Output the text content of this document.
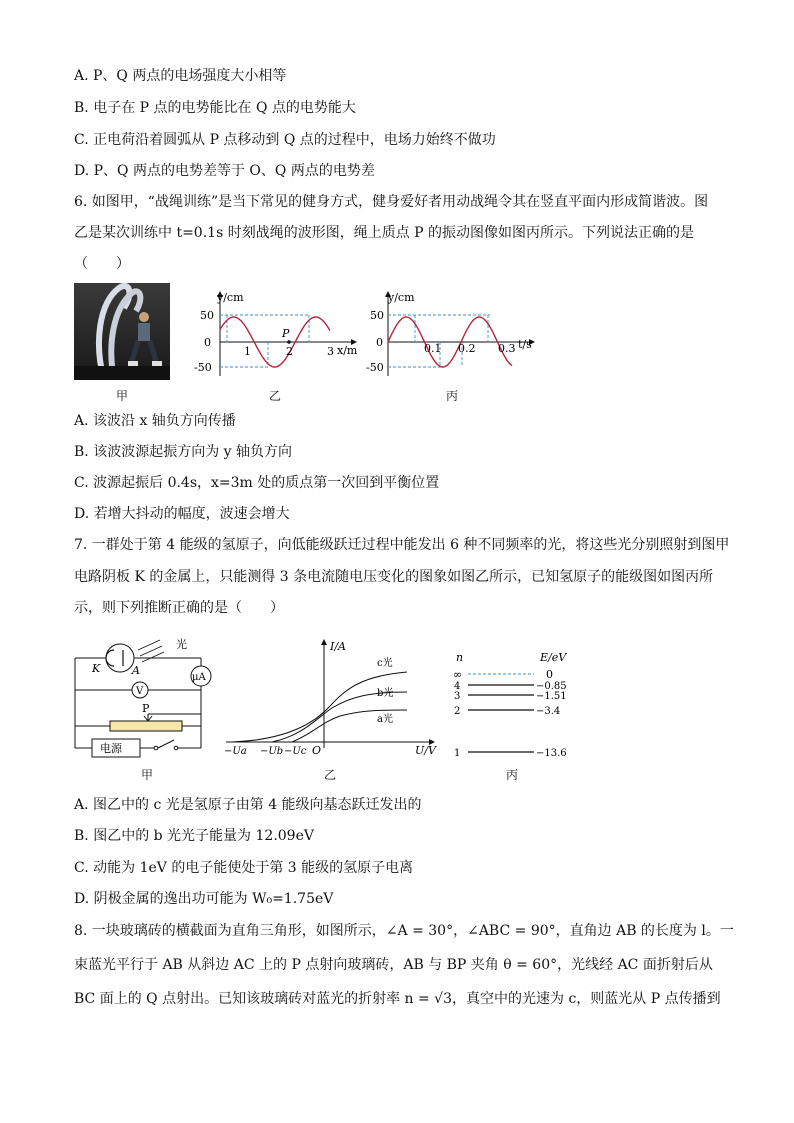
A. P、Q 两点的电场强度大小相等
B. 电子在 P 点的电势能比在 Q 点的电势能大
C. 正电荷沿着圆弧从 P 点移动到 Q 点的过程中，电场力始终不做功
D. P、Q 两点的电势差等于 O、Q 两点的电势差
6. 如图甲，“战绳训练”是当下常见的健身方式，健身爱好者用动战绳令其在竖直平面内形成简谐波。图
乙是某次训练中 t=0.1s 时刻战绳的波形图，绳上质点 P 的振动图像如图丙所示。下列说法正确的是
（　　）
甲
P
y/cm
x/m
50
0
-50
1	2	3
乙
y/cm
t/s
50
0
-50
0.1 0.2 0.3
丙
A. 该波沿 x 轴负方向传播
B. 该波波源起振方向为 y 轴负方向
C. 波源起振后 0.4s，x=3m 处的质点第一次回到平衡位置
D. 若增大抖动的幅度，波速会增大
7. 一群处于第 4 能级的氢原子，向低能级跃迁过程中能发出 6 种不同频率的光，将这些光分别照射到图甲
电路阴板 K 的金属上，只能测得 3 条电流随电压变化的图象如图乙所示，已知氢原子的能级图如图丙所
示，则下列推断正确的是（　　）
光
K	A
μA
V
P
电源
甲
I/A
U/V
O
−Ua −Ub −Uc
c光
b光
a光
乙
n	E/eV
∞	0
4	−0.85
3	−1.51
2	−3.4
1	−13.6
丙
A. 图乙中的 c 光是氢原子由第 4 能级向基态跃迁发出的
B. 图乙中的 b 光光子能量为 12.09eV
C. 动能为 1eV 的电子能使处于第 3 能级的氢原子电离
D. 阴极金属的逸出功可能为 W₀=1.75eV
8. 一块玻璃砖的横截面为直角三角形，如图所示，∠A = 30°，∠ABC = 90°，直角边 AB 的长度为 l。一
束蓝光平行于 AB 从斜边 AC 上的 P 点射向玻璃砖，AB 与 BP 夹角 θ = 60°，光线经 AC 面折射后从
BC 面上的 Q 点射出。已知该玻璃砖对蓝光的折射率 n = √3，真空中的光速为 c，则蓝光从 P 点传播到
